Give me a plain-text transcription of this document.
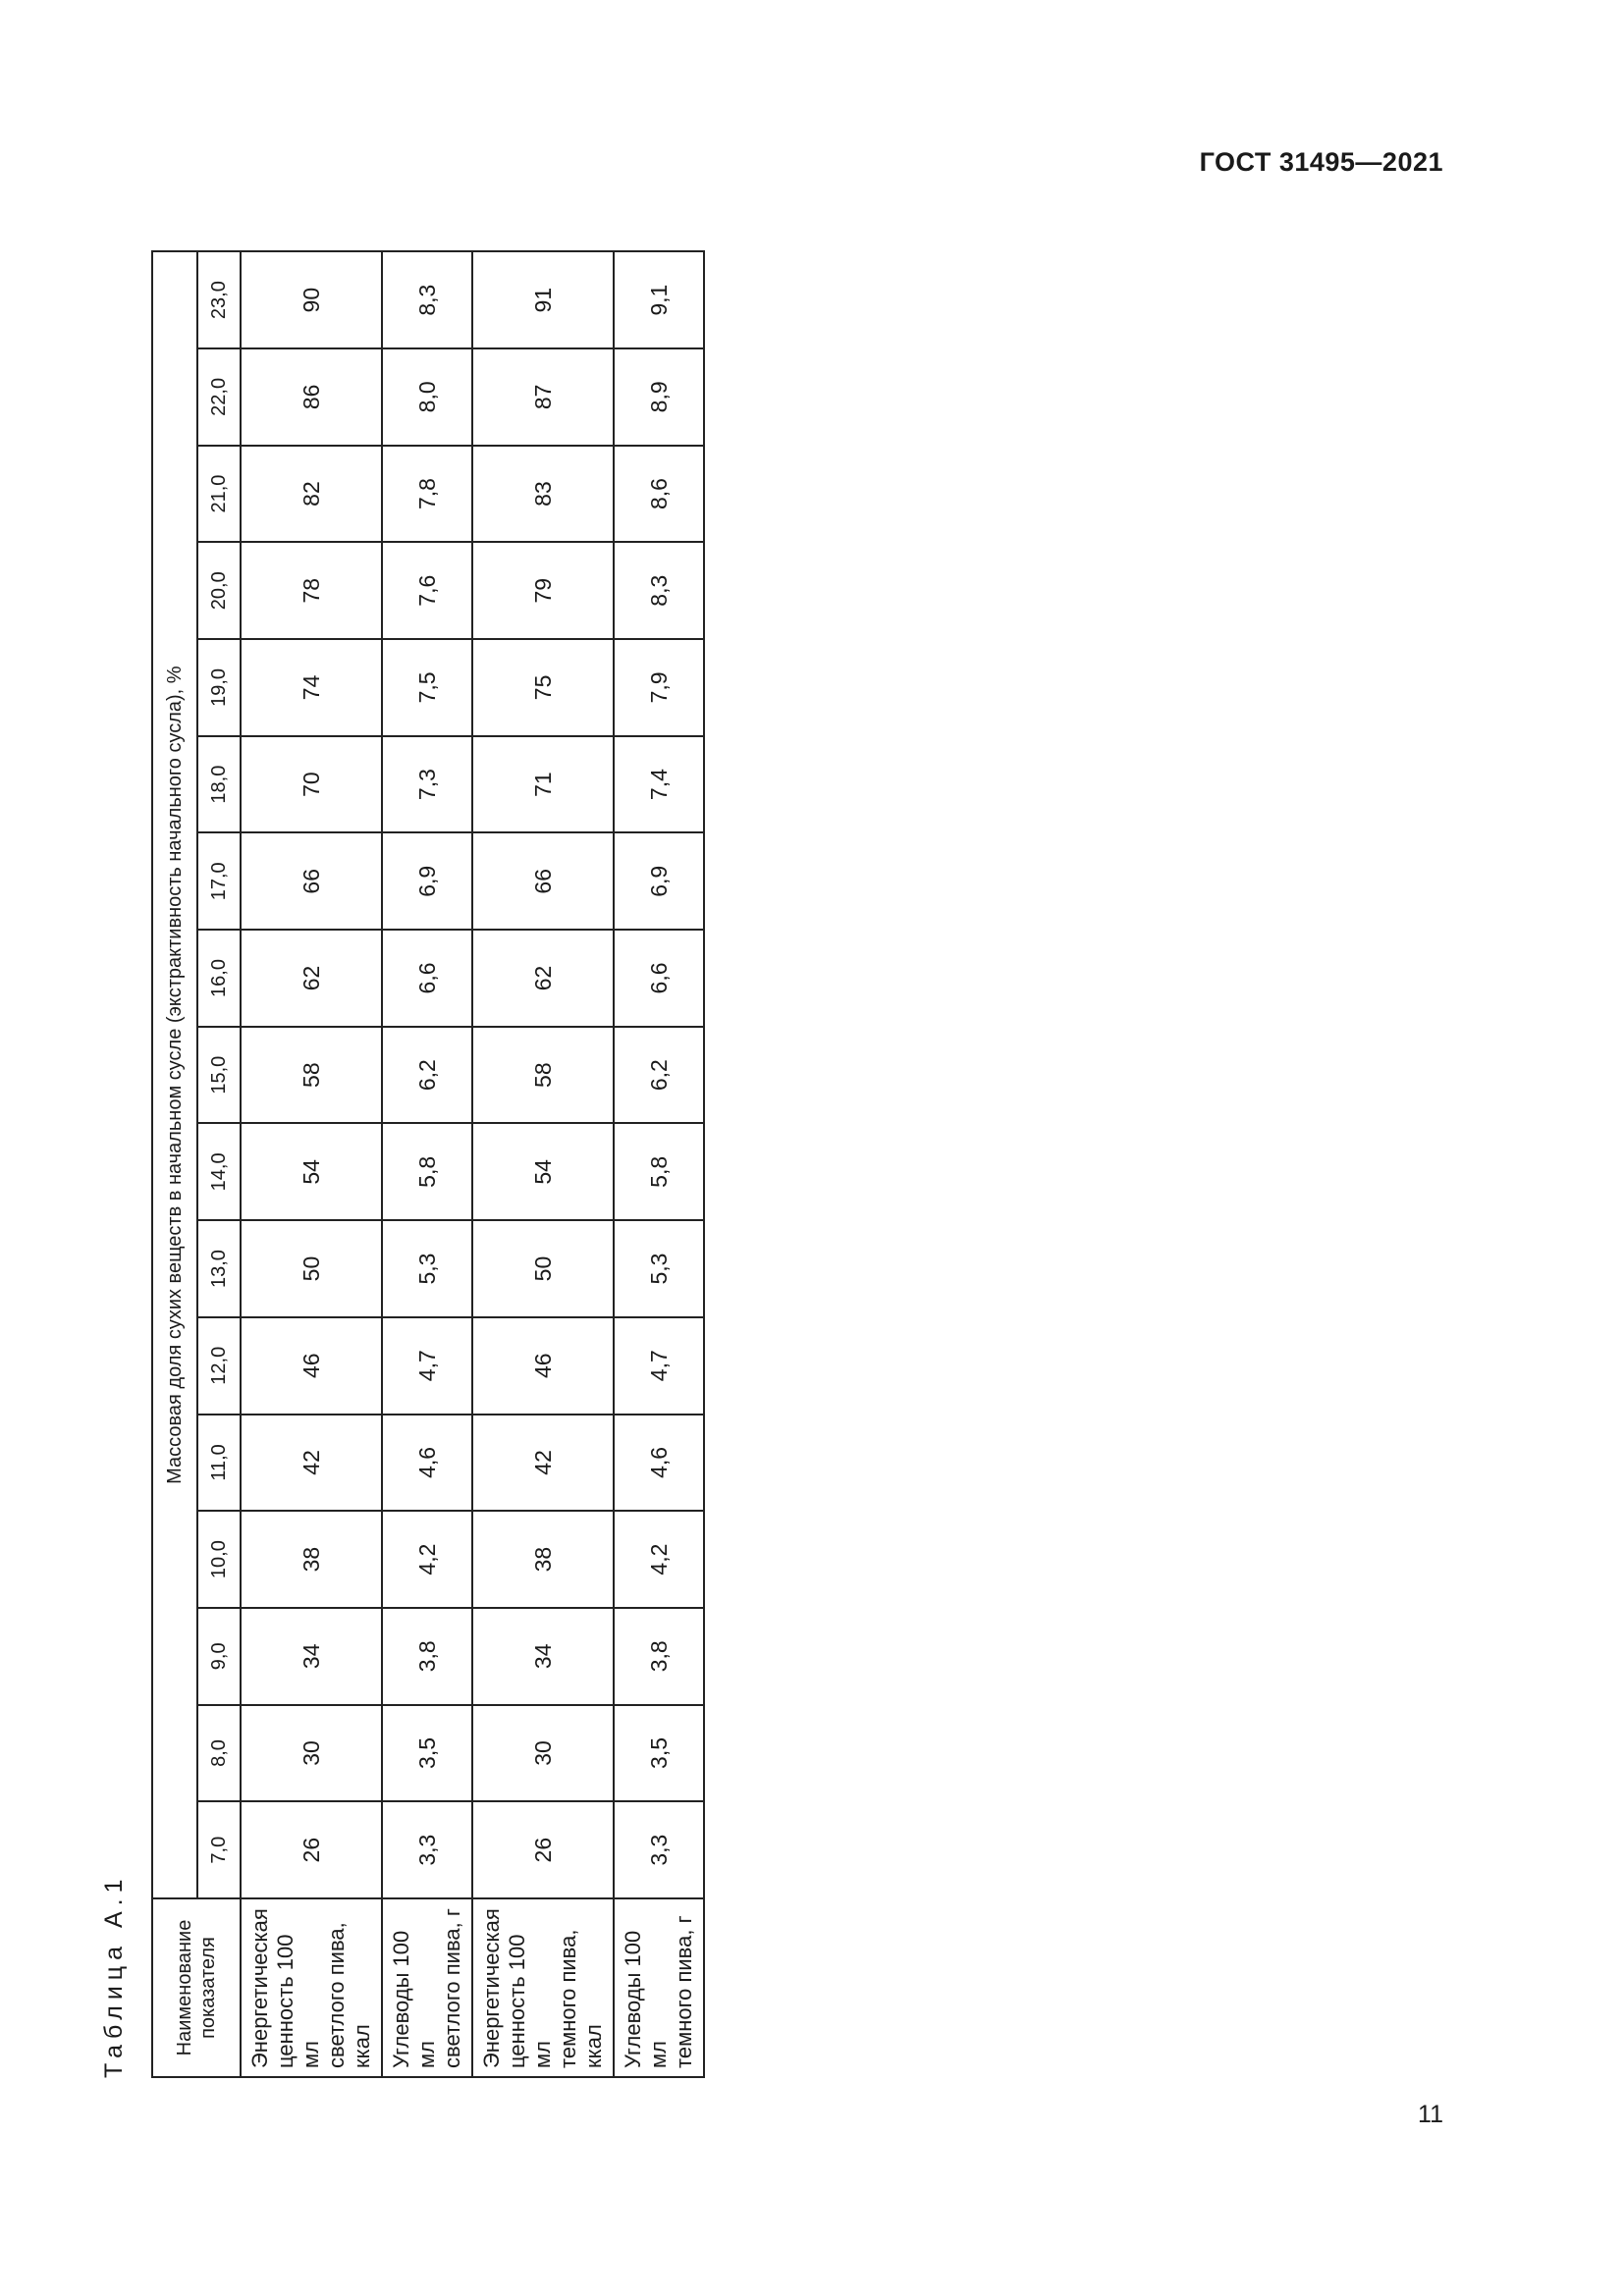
ГОСТ 31495—2021
Таблица А.1	Наименование показателя	Массовая доля сухих веществ в начальном сусле (экстрактивность начального сусла), %																
	7,0	8,0	9,0	10,0	11,0	12,0	13,0	14,0	15,0	16,0	17,0	18,0	19,0	20,0	21,0	22,0	23,0
Энергетическая
ценность 100 мл
светлого пива,
ккал	26	30	34	38	42	46	50	54	58	62	66	70	74	78	82	86	90
Углеводы 100 мл
светлого пива, г	3,3	3,5	3,8	4,2	4,6	4,7	5,3	5,8	6,2	6,6	6,9	7,3	7,5	7,6	7,8	8,0	8,3
Энергетическая
ценность 100 мл
темного пива, ккал	26	30	34	38	42	46	50	54	58	62	66	71	75	79	83	87	91
Углеводы 100 мл
темного пива, г	3,3	3,5	3,8	4,2	4,6	4,7	5,3	5,8	6,2	6,6	6,9	7,4	7,9	8,3	8,6	8,9	9,1
11
